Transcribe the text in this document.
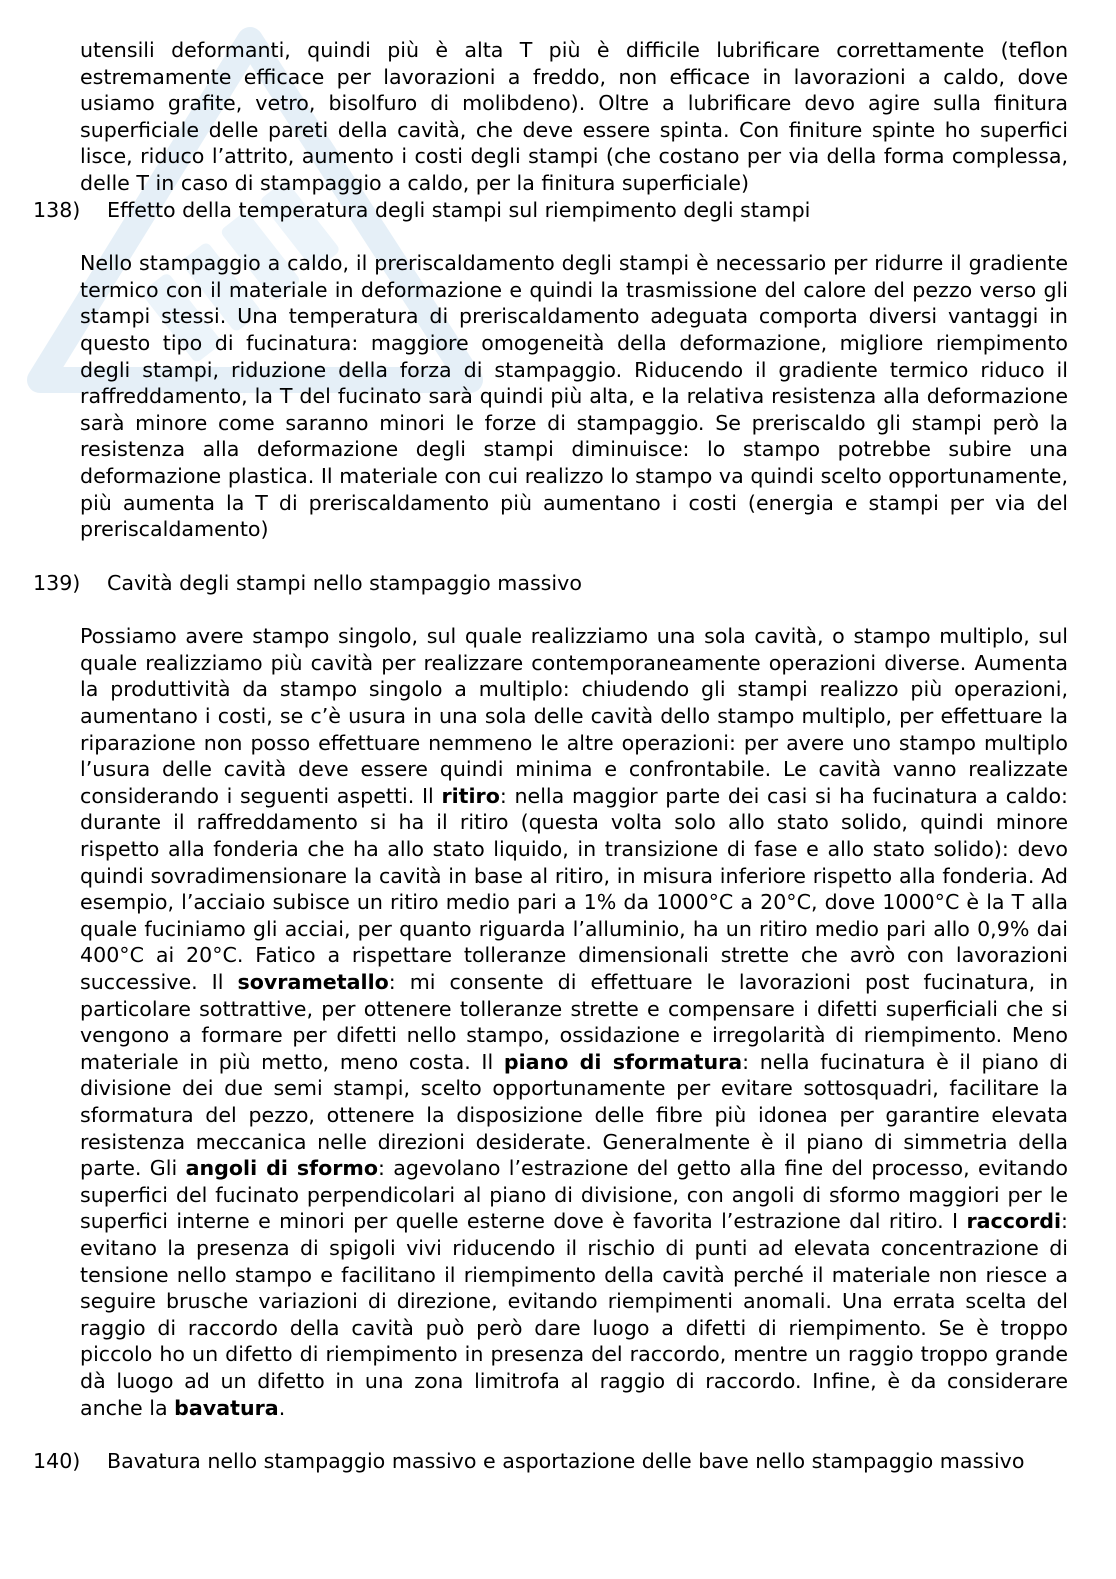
utensili deformanti, quindi più è alta T più è difficile lubrificare correttamente (teflon estremamente efficace per lavorazioni a freddo, non efficace in lavorazioni a caldo, dove usiamo grafite, vetro, bisolfuro di molibdeno). Oltre a lubrificare devo agire sulla finitura superficiale delle pareti della cavità, che deve essere spinta. Con finiture spinte ho superfici lisce, riduco l’attrito, aumento i costi degli stampi (che costano per via della forma complessa, delle T in caso di stampaggio a caldo, per la finitura superficiale)

138)	Effetto della temperatura degli stampi sul riempimento degli stampi

Nello stampaggio a caldo, il preriscaldamento degli stampi è necessario per ridurre il gradiente termico con il materiale in deformazione e quindi la trasmissione del calore del pezzo verso gli stampi stessi. Una temperatura di preriscaldamento adeguata comporta diversi vantaggi in questo tipo di fucinatura: maggiore omogeneità della deformazione, migliore riempimento degli stampi, riduzione della forza di stampaggio. Riducendo il gradiente termico riduco il raffreddamento, la T del fucinato sarà quindi più alta, e la relativa resistenza alla deformazione sarà minore come saranno minori le forze di stampaggio. Se preriscaldo gli stampi però la resistenza alla deformazione degli stampi diminuisce: lo stampo potrebbe subire una deformazione plastica. Il materiale con cui realizzo lo stampo va quindi scelto opportunamente, più aumenta la T di preriscaldamento più aumentano i costi (energia e stampi per via del preriscaldamento)

139)	Cavità degli stampi nello stampaggio massivo

Possiamo avere stampo singolo, sul quale realizziamo una sola cavità, o stampo multiplo, sul quale realizziamo più cavità per realizzare contemporaneamente operazioni diverse. Aumenta la produttività da stampo singolo a multiplo: chiudendo gli stampi realizzo più operazioni, aumentano i costi, se c’è usura in una sola delle cavità dello stampo multiplo, per effettuare la riparazione non posso effettuare nemmeno le altre operazioni: per avere uno stampo multiplo l’usura delle cavità deve essere quindi minima e confrontabile. Le cavità vanno realizzate considerando i seguenti aspetti. Il ritiro: nella maggior parte dei casi si ha fucinatura a caldo: durante il raffreddamento si ha il ritiro (questa volta solo allo stato solido, quindi minore rispetto alla fonderia che ha allo stato liquido, in transizione di fase e allo stato solido): devo quindi sovradimensionare la cavità in base al ritiro, in misura inferiore rispetto alla fonderia. Ad esempio, l’acciaio subisce un ritiro medio pari a 1% da 1000°C a 20°C, dove 1000°C è la T alla quale fuciniamo gli acciai, per quanto riguarda l’alluminio, ha un ritiro medio pari allo 0,9% dai 400°C ai 20°C. Fatico a rispettare tolleranze dimensionali strette che avrò con lavorazioni successive. Il sovrametallo: mi consente di effettuare le lavorazioni post fucinatura, in particolare sottrattive, per ottenere tolleranze strette e compensare i difetti superficiali che si vengono a formare per difetti nello stampo, ossidazione e irregolarità di riempimento. Meno materiale in più metto, meno costa. Il piano di sformatura: nella fucinatura è il piano di divisione dei due semi stampi, scelto opportunamente per evitare sottosquadri, facilitare la sformatura del pezzo, ottenere la disposizione delle fibre più idonea per garantire elevata resistenza meccanica nelle direzioni desiderate. Generalmente è il piano di simmetria della parte. Gli angoli di sformo: agevolano l’estrazione del getto alla fine del processo, evitando superfici del fucinato perpendicolari al piano di divisione, con angoli di sformo maggiori per le superfici interne e minori per quelle esterne dove è favorita l’estrazione dal ritiro. I raccordi: evitano la presenza di spigoli vivi riducendo il rischio di punti ad elevata concentrazione di tensione nello stampo e facilitano il riempimento della cavità perché il materiale non riesce a seguire brusche variazioni di direzione, evitando riempimenti anomali. Una errata scelta del raggio di raccordo della cavità può però dare luogo a difetti di riempimento. Se è troppo piccolo ho un difetto di riempimento in presenza del raccordo, mentre un raggio troppo grande dà luogo ad un difetto in una zona limitrofa al raggio di raccordo. Infine, è da considerare anche la bavatura.

140)	Bavatura nello stampaggio massivo e asportazione delle bave nello stampaggio massivo
